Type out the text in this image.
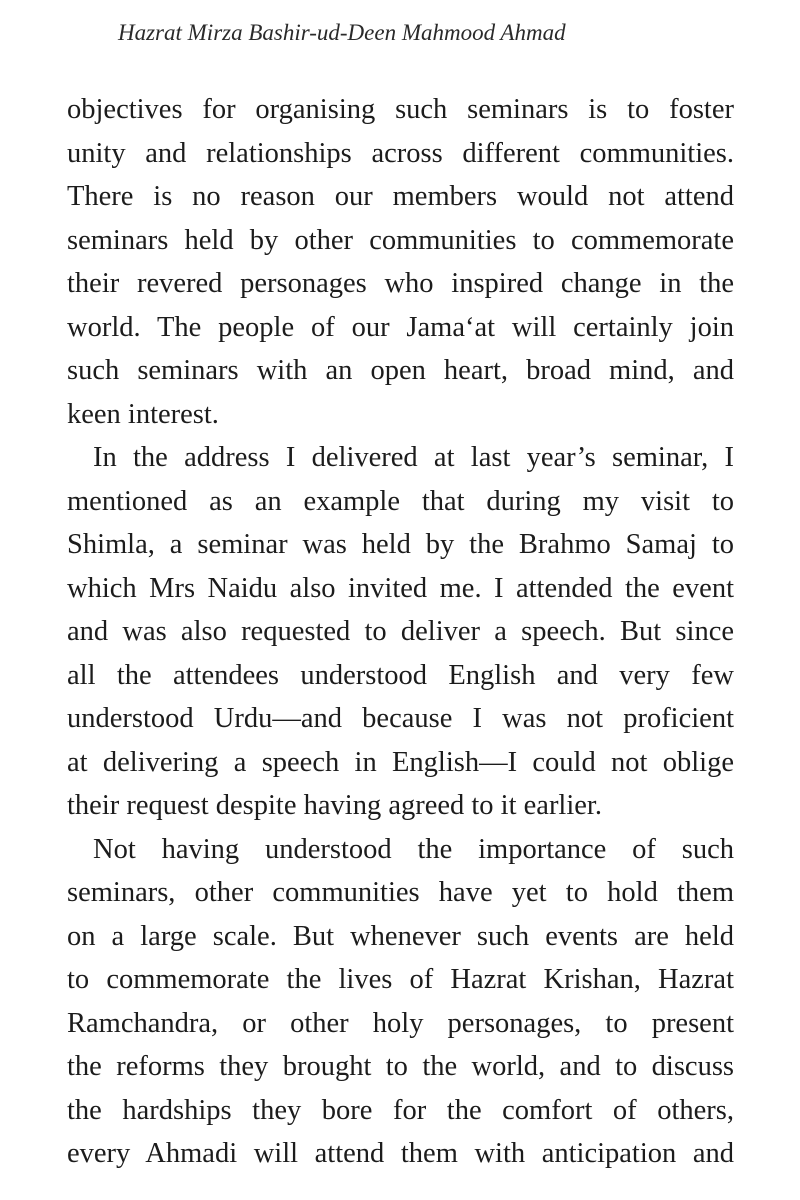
Hazrat Mirza Bashir-ud-Deen Mahmood Ahmad
objectives for organising such seminars is to foster
unity and relationships across different communities.
There is no reason our members would not attend
seminars held by other communities to commemorate
their revered personages who inspired change in the
world. The people of our Jama‘at will certainly join
such seminars with an open heart, broad mind, and
keen interest.
In the address I delivered at last year’s seminar, I
mentioned as an example that during my visit to
Shimla, a seminar was held by the Brahmo Samaj to
which Mrs Naidu also invited me. I attended the event
and was also requested to deliver a speech. But since
all the attendees understood English and very few
understood Urdu—and because I was not proficient
at delivering a speech in English—I could not oblige
their request despite having agreed to it earlier.
Not having understood the importance of such
seminars, other communities have yet to hold them
on a large scale. But whenever such events are held
to commemorate the lives of Hazrat Krishan, Hazrat
Ramchandra, or other holy personages, to present
the reforms they brought to the world, and to discuss
the hardships they bore for the comfort of others,
every Ahmadi will attend them with anticipation and
